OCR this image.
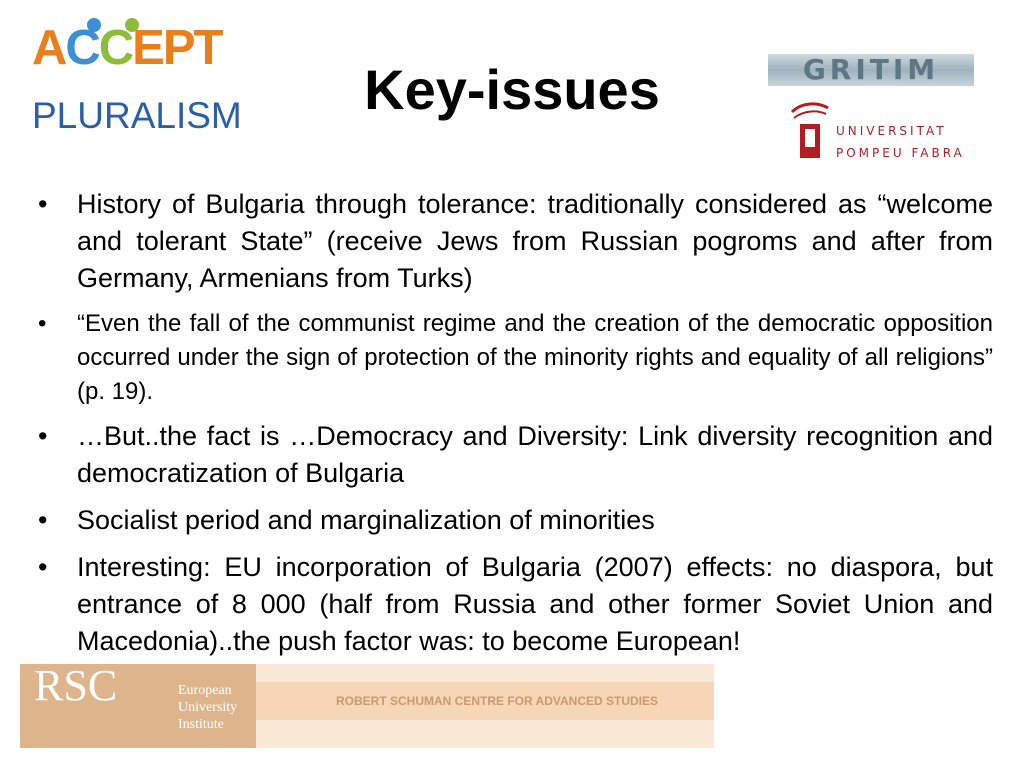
ACCEPT
PLURALISM	Key-issues	GRITIM
UNIVERSITAT
POMPEU FABRA
RSC	European
University
Institute
ROBERT SCHUMAN CENTRE FOR ADVANCED STUDIES
• History of Bulgaria through tolerance: traditionally considered as “welcome and tolerant State” (receive Jews from Russian pogroms and after from Germany, Armenians from Turks)
• “Even the fall of the communist regime and the creation of the democratic opposition occurred under the sign of protection of the minority rights and equality of all religions” (p. 19).
• …But..the fact is …Democracy and Diversity: Link diversity recognition and democratization of Bulgaria
• Socialist period and marginalization of minorities
• Interesting: EU incorporation of Bulgaria (2007) effects: no diaspora, but entrance of 8 000 (half from Russia and other former Soviet Union and Macedonia)..the push factor was: to become European!
